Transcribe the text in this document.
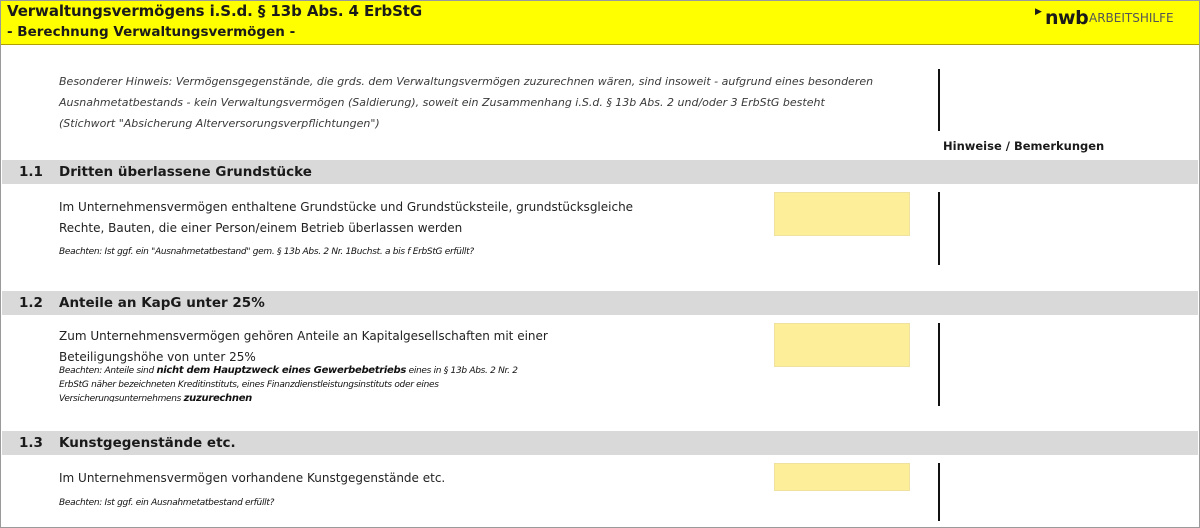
Verwaltungsvermögens i.S.d. § 13b Abs. 4 ErbStG
- Berechnung Verwaltungsvermögen -
▶ nwb ARBEITSHILFE
Besonderer Hinweis: Vermögensgegenstände, die grds. dem Verwaltungsvermögen zuzurechnen wären, sind insoweit - aufgrund eines besonderen
Ausnahmetatbestands - kein Verwaltungsvermögen (Saldierung), soweit ein Zusammenhang i.S.d. § 13b Abs. 2 und/oder 3 ErbStG besteht
(Stichwort "Absicherung Alterversorungsverpflichtungen")
Hinweise / Bemerkungen
1.1 Dritten überlassene Grundstücke
Im Unternehmensvermögen enthaltene Grundstücke und Grundstücksteile, grundstücksgleiche
Rechte, Bauten, die einer Person/einem Betrieb überlassen werden
Beachten: Ist ggf. ein "Ausnahmetatbestand" gem. § 13b Abs. 2 Nr. 1Buchst. a bis f ErbStG erfüllt?
1.2 Anteile an KapG unter 25%
Zum Unternehmensvermögen gehören Anteile an Kapitalgesellschaften mit einer
Beteiligungshöhe von unter 25%
Beachten: Anteile sind nicht dem Hauptzweck eines Gewerbebetriebs eines in § 13b Abs. 2 Nr. 2
ErbStG näher bezeichneten Kreditinstituts, eines Finanzdienstleistungsinstituts oder eines
Versicherungsunternehmens zuzurechnen
1.3 Kunstgegenstände etc.
Im Unternehmensvermögen vorhandene Kunstgegenstände etc.
Beachten: Ist ggf. ein Ausnahmetatbestand erfüllt?
